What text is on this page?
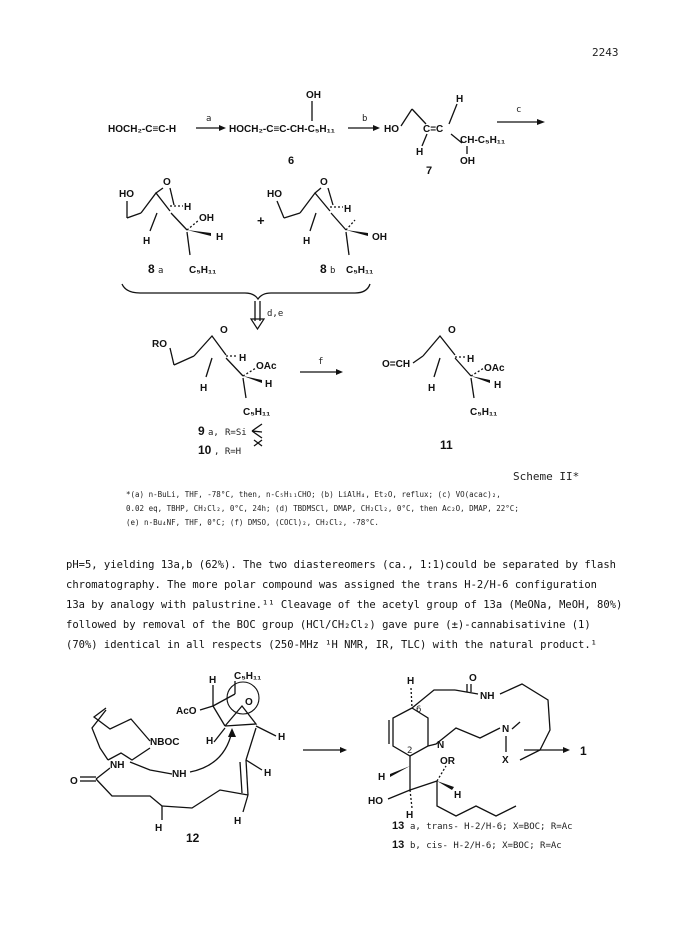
2243
HOCH₂-C≡C-H
a
OH
HOCH₂-C≡C-CH-C₅H₁₁
6
b
HO C=C
H
H
CH-C₅H₁₁
OH
7
c
HO
O
H
H
OH
H
C₅H₁₁
8 a
+
HO
O
H
H	OH
C₅H₁₁
8 b
d,e
RO
O
H
H
OAc
H
C₅H₁₁
9 a, R=Si
10 , R=H
f	O=CH
O
H
H
OAc
H
C₅H₁₁
11
Scheme II*
*(a) n-BuLi, THF, -78°C, then, n-C₅H₁₁CHO; (b) LiAlH₄, Et₂O, reflux; (c) VO(acac)₂,
0.02 eq, TBHP, CH₂Cl₂, 0°C, 24h; (d) TBDMSCl, DMAP, CH₂Cl₂, 0°C, then Ac₂O, DMAP, 22°C;
(e) n-Bu₄NF, THF, 0°C; (f) DMSO, (COCl)₂, CH₂Cl₂, -78°C.
AcO
H C₅H₁₁
O
H
H
NBOC
NH
O
NH
H
H
H
12
H
6
2
O
NH
N
N
X
H
HO
H
OR
H
1
13 a, trans- H-2/H-6; X=BOC; R=Ac
13 b, cis- H-2/H-6; X=BOC; R=Ac
pH=5, yielding 13a,b (62%). The two diastereomers (ca., 1:1)could be separated by flash
chromatography. The more polar compound was assigned the trans H-2/H-6 configuration
13a by analogy with palustrine.¹¹ Cleavage of the acetyl group of 13a (MeONa, MeOH, 80%)
followed by removal of the BOC group (HCl/CH₂Cl₂) gave pure (±)-cannabisativine (1)
(70%) identical in all respects (250-MHz ¹H NMR, IR, TLC) with the natural product.¹
